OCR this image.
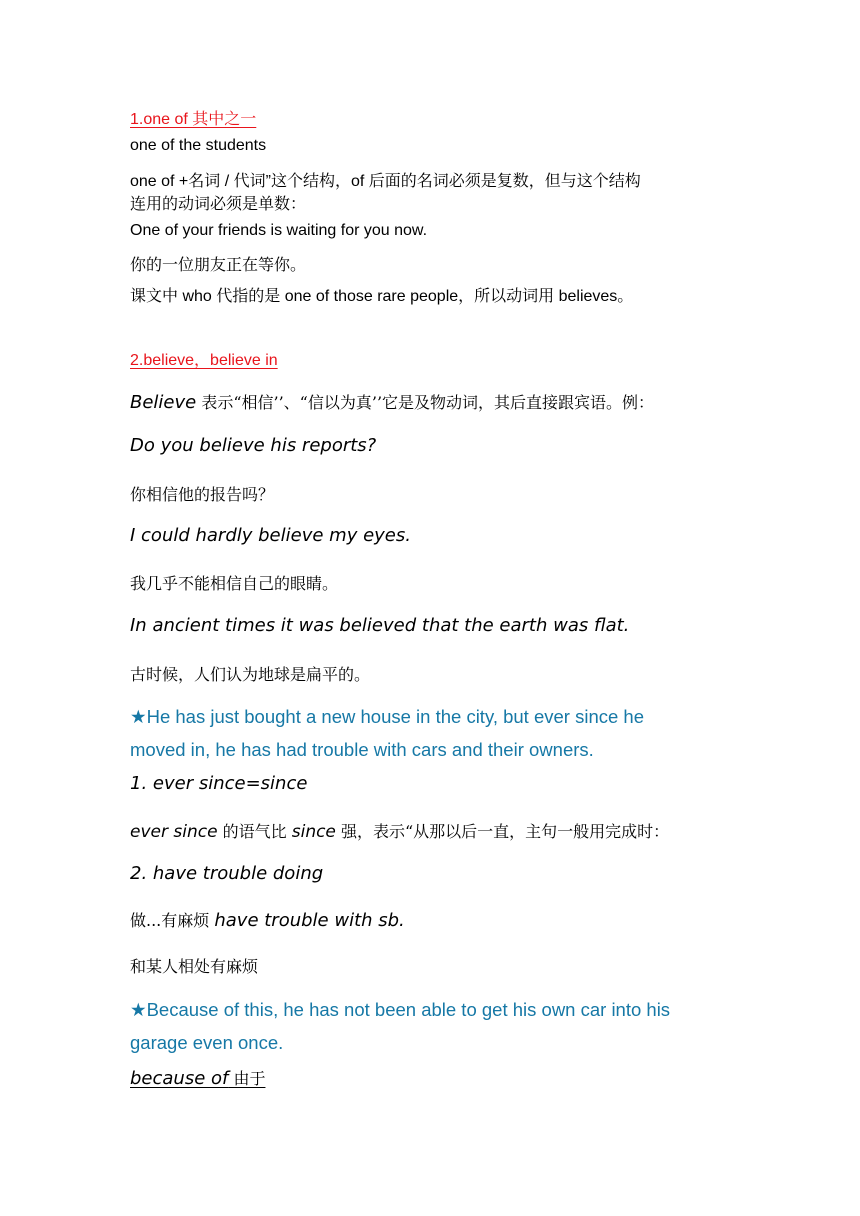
1.one of 其中之一
one of the students
one of +名词 / 代词”这个结构，of 后面的名词必须是复数，但与这个结构
连用的动词必须是单数：
One of your friends is waiting for you now.
你的一位朋友正在等你。
课文中 who 代指的是 one of those rare people，所以动词用 believes。
2.believe，believe in
Believe 表示“相信’’、“信以为真’’它是及物动词，其后直接跟宾语。例：
Do you believe his reports?
你相信他的报告吗？
I could hardly believe my eyes.
我几乎不能相信自己的眼睛。
In ancient times it was believed that the earth was flat.
古时候，人们认为地球是扁平的。
★He has just bought a new house in the city, but ever since he
moved in, he has had trouble with cars and their owners.
1. ever since=since
ever since 的语气比 since 强，表示“从那以后一直，主句一般用完成时：
2. have trouble doing
做...有麻烦 have trouble with sb.
和某人相处有麻烦
★Because of this, he has not been able to get his own car into his
garage even once.
because of 由于
